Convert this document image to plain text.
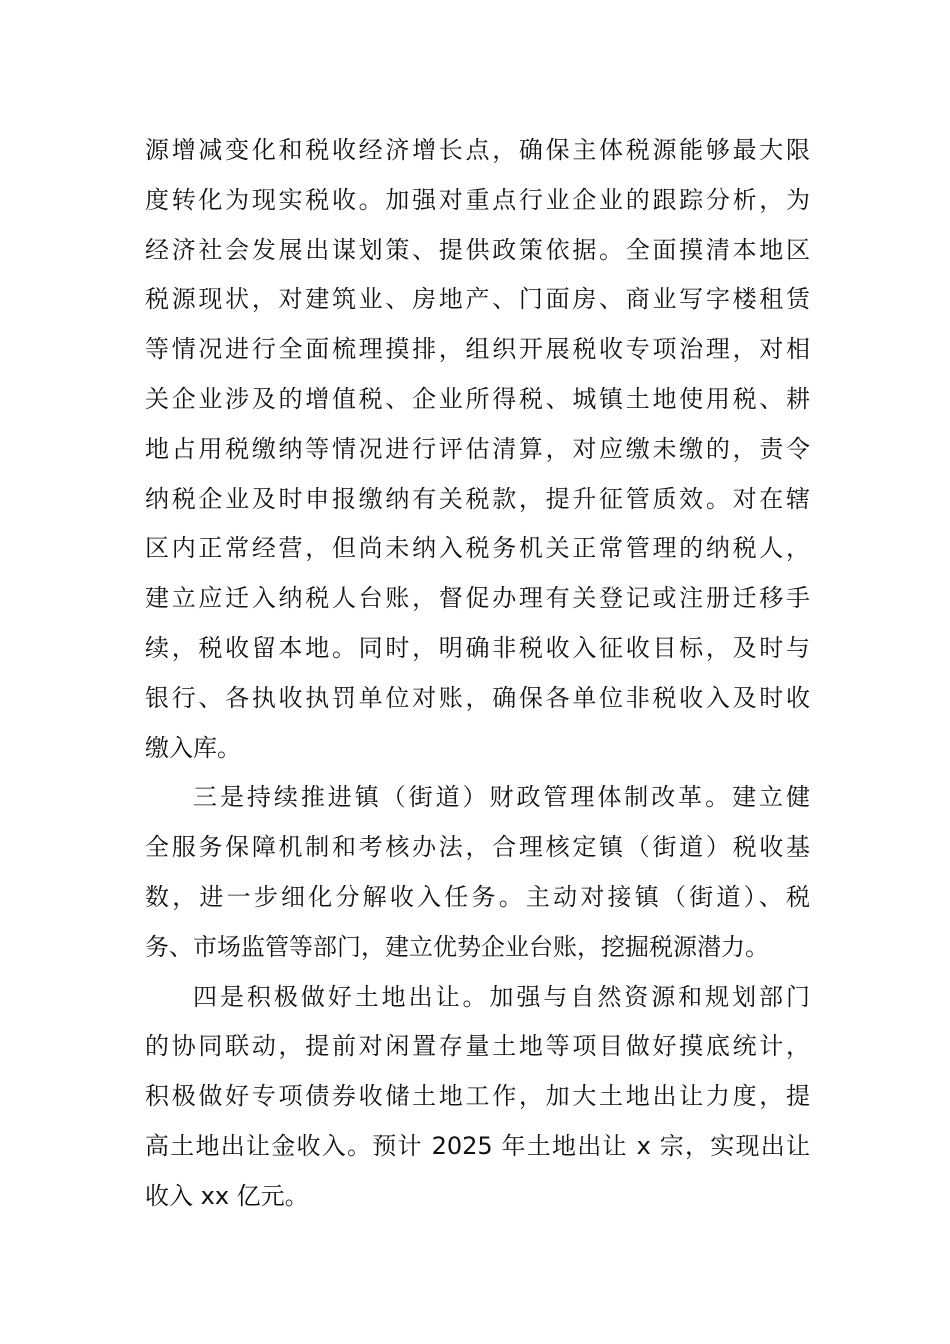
源增减变化和税收经济增长点，确保主体税源能够最大限
度转化为现实税收。加强对重点行业企业的跟踪分析，为
经济社会发展出谋划策、提供政策依据。全面摸清本地区
税源现状，对建筑业、房地产、门面房、商业写字楼租赁
等情况进行全面梳理摸排，组织开展税收专项治理，对相
关企业涉及的增值税、企业所得税、城镇土地使用税、耕
地占用税缴纳等情况进行评估清算，对应缴未缴的，责令
纳税企业及时申报缴纳有关税款，提升征管质效。对在辖
区内正常经营，但尚未纳入税务机关正常管理的纳税人，
建立应迁入纳税人台账，督促办理有关登记或注册迁移手
续，税收留本地。同时，明确非税收入征收目标，及时与
银行、各执收执罚单位对账，确保各单位非税收入及时收
缴入库。
三是持续推进镇（街道）财政管理体制改革。建立健
全服务保障机制和考核办法，合理核定镇（街道）税收基
数，进一步细化分解收入任务。主动对接镇（街道）、税
务、市场监管等部门，建立优势企业台账，挖掘税源潜力。
四是积极做好土地出让。加强与自然资源和规划部门
的协同联动，提前对闲置存量土地等项目做好摸底统计，
积极做好专项债券收储土地工作，加大土地出让力度，提
高土地出让金收入。预计 2025 年土地出让 x 宗，实现出让
收入 xx 亿元。
